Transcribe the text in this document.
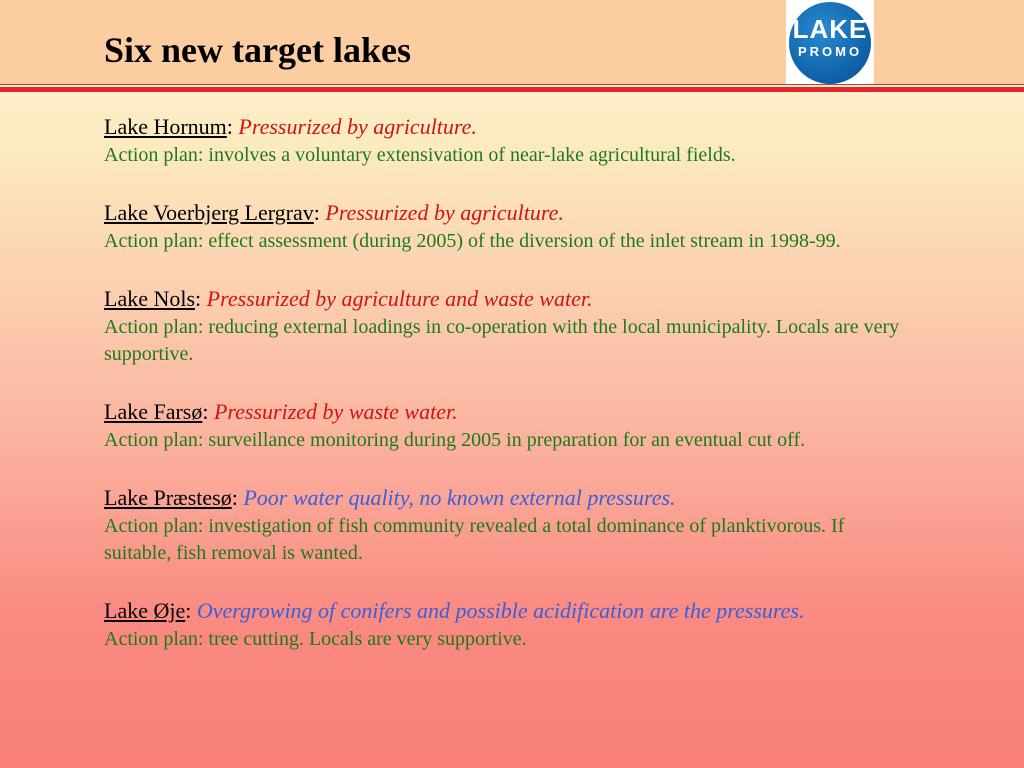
Six new target lakes
LAKE
PROMO
Lake Hornum: Pressurized by agriculture.
Action plan: involves a voluntary extensivation of near-lake agricultural fields.
Lake Voerbjerg Lergrav: Pressurized by agriculture.
Action plan: effect assessment (during 2005) of the diversion of the inlet stream in 1998-99.
Lake Nols: Pressurized by agriculture and waste water.
Action plan: reducing external loadings in co-operation with the local municipality. Locals are very supportive.
Lake Farsø: Pressurized by waste water.
Action plan: surveillance monitoring during 2005 in preparation for an eventual cut off.
Lake Præstesø: Poor water quality, no known external pressures.
Action plan: investigation of fish community revealed a total dominance of planktivorous. If suitable, fish removal is wanted.
Lake Øje: Overgrowing of conifers and possible acidification are the pressures.
Action plan: tree cutting. Locals are very supportive.
